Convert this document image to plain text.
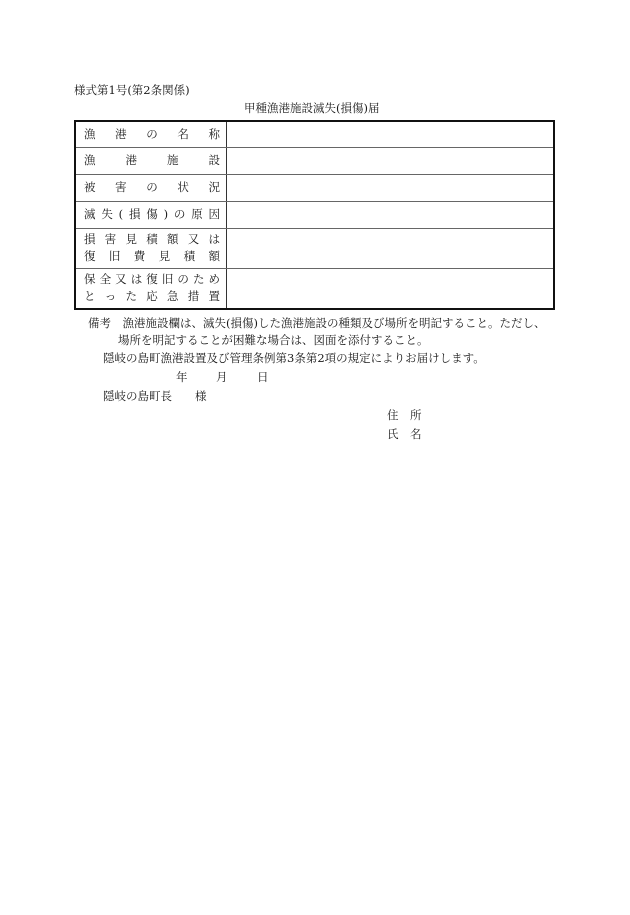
様式第1号(第2条関係)
甲種漁港施設滅失(損傷)届
漁 港 の 名 称	

漁 港 施 設	

被 害 の 状 況	

滅 失 ( 損 傷 ) の 原 因

損 害 見 積 額 又 は
復 旧 費 見 積 額

保 全 又 は 復 旧 の た め
と っ た 応 急 措 置

備考　漁港施設欄は、滅失(損傷)した漁港施設の種類及び場所を明記すること。ただし、
場所を明記することが困難な場合は、図面を添付すること。
隠岐の島町漁港設置及び管理条例第3条第2項の規定によりお届けします。
年 月	日
隠岐の島町長　　様
住　所
氏　名
